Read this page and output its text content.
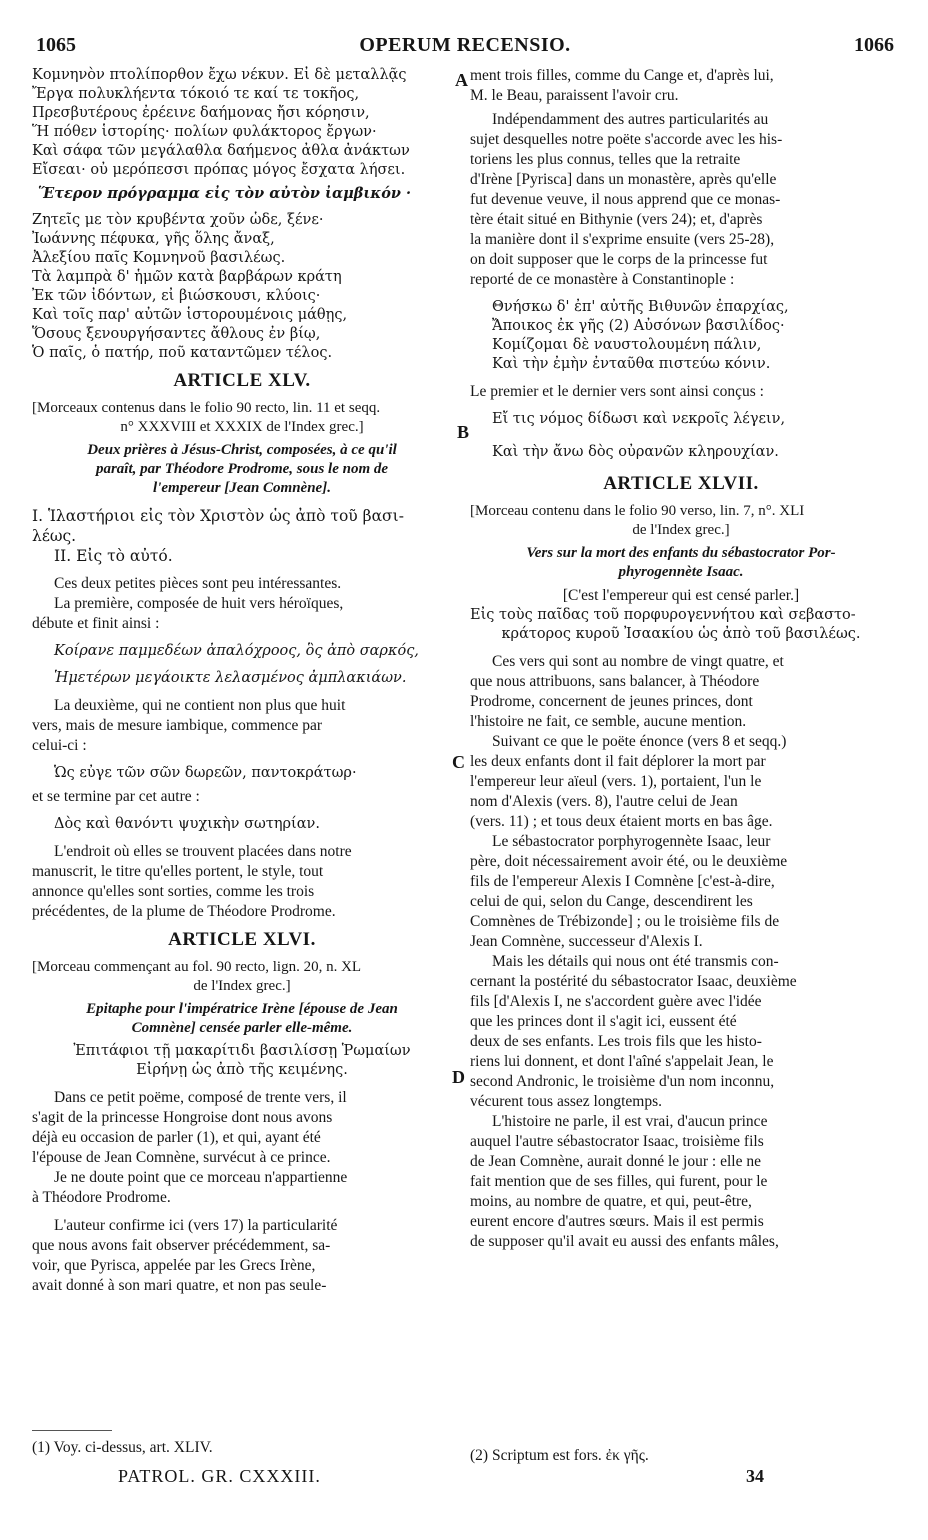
1065	OPERUM RECENSIO.	1066
A
B
C
D
Κομνηνὸν πτολίπορθον ἔχω νέκυν. Εἰ δὲ μεταλλᾷς
Ἔργα πολυκλήεντα τόκοιό τε καί τε τοκῆος,
Πρεσβυτέρους ἐρέεινε δαήμονας ἤσι κόρησιν,
Ἥ πόθεν ἱστορίης· πολίων φυλάκτορος ἔργων·
Καὶ σάφα τῶν μεγάλαθλα δαήμενος ἆθλα ἀνάκτων
Εἴσεαι· οὐ μερόπεσσι πρόπας μόγος ἔσχατα λήσει.
Ἕτερον πρόγραμμα εἰς τὸν αὐτὸν ἰαμβικόν ·
Ζητεῖς με τὸν κρυβέντα χοῦν ὧδε, ξένε·
Ἰωάννης πέφυκα, γῆς ὅλης ἄναξ,
Ἀλεξίου παῖς Κομνηνοῦ βασιλέως.
Τὰ λαμπρὰ δ' ἡμῶν κατὰ βαρβάρων κράτη
Ἐκ τῶν ἰδόντων, εἰ βιώσκουσι, κλύοις·
Καὶ τοῖς παρ' αὐτῶν ἱστορουμένοις μάθῃς,
Ὅσους ξενουργήσαντες ἄθλους ἐν βίῳ,
Ὁ παῖς, ὁ πατήρ, ποῦ καταντῶμεν τέλος.
ARTICLE XLV.
[Morceaux contenus dans le folio 90 recto, lin. 11 et seqq.
n° XXXVIII et XXXIX de l'Index grec.]
Deux prières à Jésus-Christ, composées, à ce qu'il
paraît, par Théodore Prodrome, sous le nom de
l'empereur [Jean Comnène].
I. Ἱλαστήριοι εἰς τὸν Χριστὸν ὡς ἀπὸ τοῦ βασι-
λέως.
II. Εἰς τὸ αὐτό.
Ces deux petites pièces sont peu intéressantes.
La première, composée de huit vers héroïques,
débute et finit ainsi :
Κοίρανε παμμεδέων ἀπαλόχροος, ὃς ἀπὸ σαρκός,
Ἡμετέρων μεγάοικτε λελασμένος ἀμπλακιάων.
La deuxième, qui ne contient non plus que huit
vers, mais de mesure iambique, commence par
celui-ci :
Ὡς εὖγε τῶν σῶν δωρεῶν, παντοκράτωρ·
et se termine par cet autre :
Δὸς καὶ θανόντι ψυχικὴν σωτηρίαν.
L'endroit où elles se trouvent placées dans notre
manuscrit, le titre qu'elles portent, le style, tout
annonce qu'elles sont sorties, comme les trois
précédentes, de la plume de Théodore Prodrome.
ARTICLE XLVI.
[Morceau commençant au fol. 90 recto, lign. 20, n. XL
de l'Index grec.]
Epitaphe pour l'impératrice Irène [épouse de Jean
Comnène] censée parler elle-même.
Ἐπιτάφιοι τῇ μακαρίτιδι βασιλίσσῃ Ῥωμαίων
Εἰρήνῃ ὡς ἀπὸ τῆς κειμένης.
Dans ce petit poëme, composé de trente vers, il
s'agit de la princesse Hongroise dont nous avons
déjà eu occasion de parler (1), et qui, ayant été
l'épouse de Jean Comnène, survécut à ce prince.
Je ne doute point que ce morceau n'appartienne
à Théodore Prodrome.
L'auteur confirme ici (vers 17) la particularité
que nous avons fait observer précédemment, sa-
voir, que Pyrisca, appelée par les Grecs Irène,
avait donné à son mari quatre, et non pas seule-
ment trois filles, comme du Cange et, d'après lui,
M. le Beau, paraissent l'avoir cru.
Indépendamment des autres particularités au
sujet desquelles notre poëte s'accorde avec les his-
toriens les plus connus, telles que la retraite
d'Irène [Pyrisca] dans un monastère, après qu'elle
fut devenue veuve, il nous apprend que ce monas-
tère était situé en Bithynie (vers 24); et, d'après
la manière dont il s'exprime ensuite (vers 25-28),
on doit supposer que le corps de la princesse fut
reporté de ce monastère à Constantinople :
Θνήσκω δ' ἐπ' αὐτῆς Βιθυνῶν ἐπαρχίας,
Ἄποικος ἐκ γῆς (2) Αὐσόνων βασιλίδος·
Κομίζομαι δὲ ναυστολουμένη πάλιν,
Καὶ τὴν ἐμὴν ἐνταῦθα πιστεύω κόνιν.
Le premier et le dernier vers sont ainsi conçus :
Εἴ τις νόμος δίδωσι καὶ νεκροῖς λέγειν,
Καὶ τὴν ἄνω δὸς οὐρανῶν κληρουχίαν.
ARTICLE XLVII.
[Morceau contenu dans le folio 90 verso, lin. 7, n°. XLI
de l'Index grec.]
Vers sur la mort des enfants du sébastocrator Por-
phyrogennète Isaac.
[C'est l'empereur qui est censé parler.]
Εἰς τοὺς παῖδας τοῦ πορφυρογεννήτου καὶ σεβαστο-
κράτορος κυροῦ Ἰσαακίου ὡς ἀπὸ τοῦ βασιλέως.
Ces vers qui sont au nombre de vingt quatre, et
que nous attribuons, sans balancer, à Théodore
Prodrome, concernent de jeunes princes, dont
l'histoire ne fait, ce semble, aucune mention.
Suivant ce que le poëte énonce (vers 8 et seqq.)
les deux enfants dont il fait déplorer la mort par
l'empereur leur aïeul (vers. 1), portaient, l'un le
nom d'Alexis (vers. 8), l'autre celui de Jean
(vers. 11) ; et tous deux étaient morts en bas âge.
Le sébastocrator porphyrogennète Isaac, leur
père, doit nécessairement avoir été, ou le deuxième
fils de l'empereur Alexis I Comnène [c'est-à-dire,
celui de qui, selon du Cange, descendirent les
Comnènes de Trébizonde] ; ou le troisième fils de
Jean Comnène, successeur d'Alexis I.
Mais les détails qui nous ont été transmis con-
cernant la postérité du sébastocrator Isaac, deuxième
fils [d'Alexis I, ne s'accordent guère avec l'idée
que les princes dont il s'agit ici, eussent été
deux de ses enfants. Les trois fils que les histo-
riens lui donnent, et dont l'aîné s'appelait Jean, le
second Andronic, le troisième d'un nom inconnu,
vécurent tous assez longtemps.
L'histoire ne parle, il est vrai, d'aucun prince
auquel l'autre sébastocrator Isaac, troisième fils
de Jean Comnène, aurait donné le jour : elle ne
fait mention que de ses filles, qui furent, pour le
moins, au nombre de quatre, et qui, peut-être,
eurent encore d'autres sœurs. Mais il est permis
de supposer qu'il avait eu aussi des enfants mâles,
(1) Voy. ci-dessus, art. XLIV.	(2) Scriptum est fors. ἐκ γῆς.
PATROL. GR. CXXXIII.	34
